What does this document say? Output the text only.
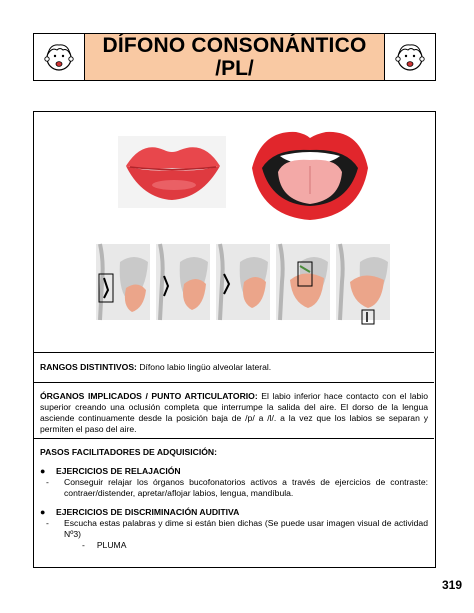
DÍFONO CONSONÁNTICO
/PL/
RANGOS DISTINTIVOS: Dífono labio lingüo alveolar lateral.
ÓRGANOS IMPLICADOS / PUNTO ARTICULATORIO: El labio inferior hace contacto con el labio superior creando una oclusión completa que interrumpe la salida del aire. El dorso de la lengua asciende continuamente desde la posición baja de /p/ a /l/. a la vez que los labios se separan y permiten el paso del aire.
PASOS FACILITADORES DE ADQUISICIÓN:
●	EJERCICIOS DE RELAJACIÓN
-	Conseguir relajar los órganos bucofonatorios activos a través de ejercicios de contraste: contraer/distender, apretar/aflojar labios, lengua, mandíbula.
●	EJERCICIOS DE DISCRIMINACIÓN AUDITIVA
-	Escucha estas palabras y dime si están bien dichas (Se puede usar imagen visual de actividad Nº3)
-     PLUMA
319
